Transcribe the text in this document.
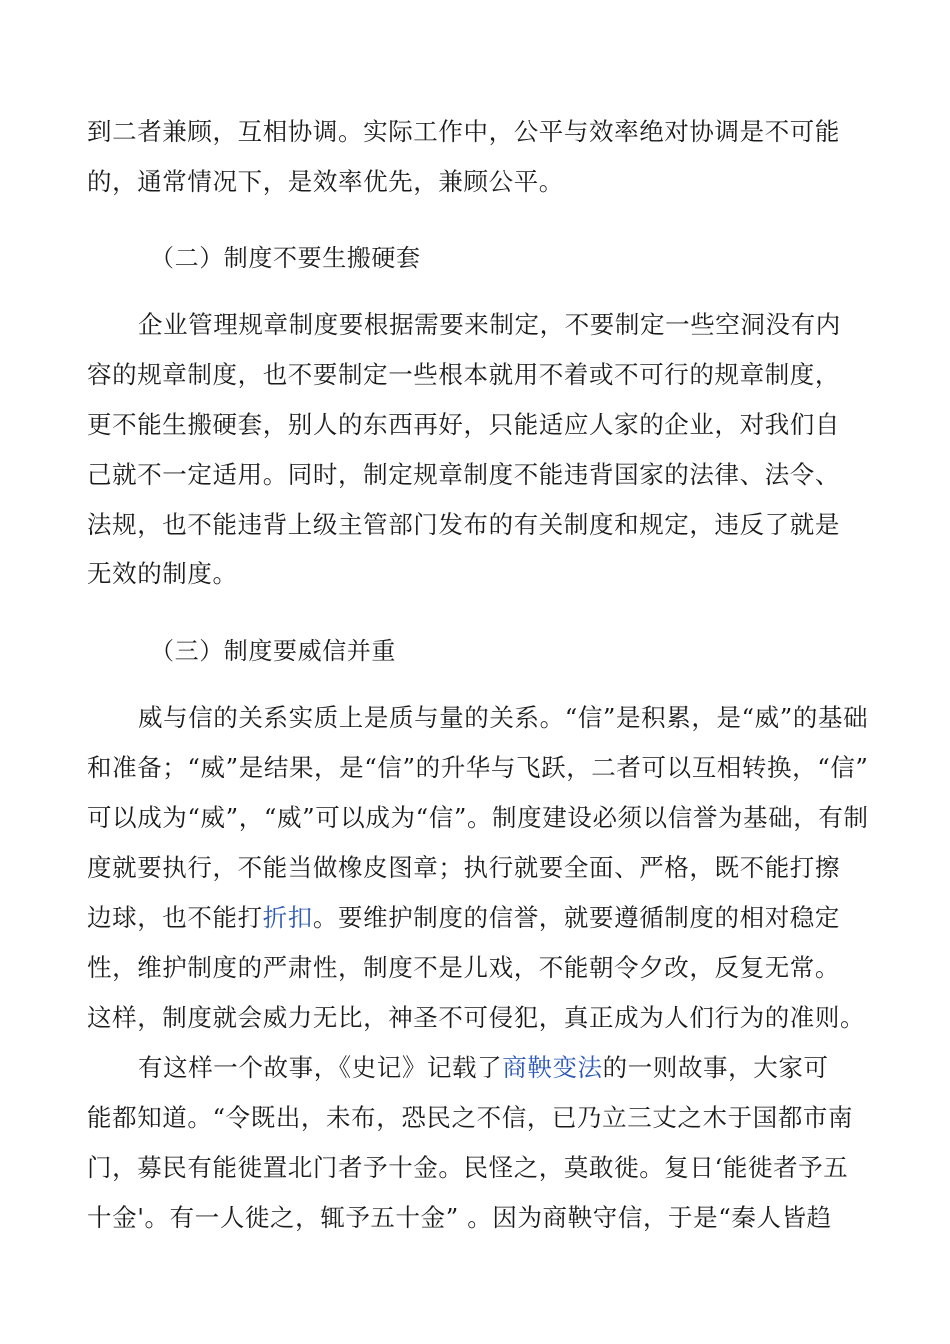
到二者兼顾，互相协调。实际工作中，公平与效率绝对协调是不可能
的，通常情况下，是效率优先，兼顾公平。
（二）制度不要生搬硬套
企业管理规章制度要根据需要来制定，不要制定一些空洞没有内
容的规章制度，也不要制定一些根本就用不着或不可行的规章制度，
更不能生搬硬套，别人的东西再好，只能适应人家的企业，对我们自
己就不一定适用。同时，制定规章制度不能违背国家的法律、法令、
法规，也不能违背上级主管部门发布的有关制度和规定，违反了就是
无效的制度。
（三）制度要威信并重
威与信的关系实质上是质与量的关系。“信”是积累，是“威”的基础
和准备；“威”是结果，是“信”的升华与飞跃，二者可以互相转换，“信”
可以成为“威”，“威”可以成为“信”。制度建设必须以信誉为基础，有制
度就要执行，不能当做橡皮图章；执行就要全面、严格，既不能打擦
边球，也不能打折扣。要维护制度的信誉，就要遵循制度的相对稳定
性，维护制度的严肃性，制度不是儿戏，不能朝令夕改，反复无常。
这样，制度就会威力无比，神圣不可侵犯，真正成为人们行为的准则。
有这样一个故事，《史记》记载了商鞅变法的一则故事，大家可
能都知道。“令既出，未布，恐民之不信，已乃立三丈之木于国都市南
门，募民有能徙置北门者予十金。民怪之，莫敢徙。复日‘能徙者予五
十金'。有一人徙之，辄予五十金” 。因为商鞅守信，于是“秦人皆趋
